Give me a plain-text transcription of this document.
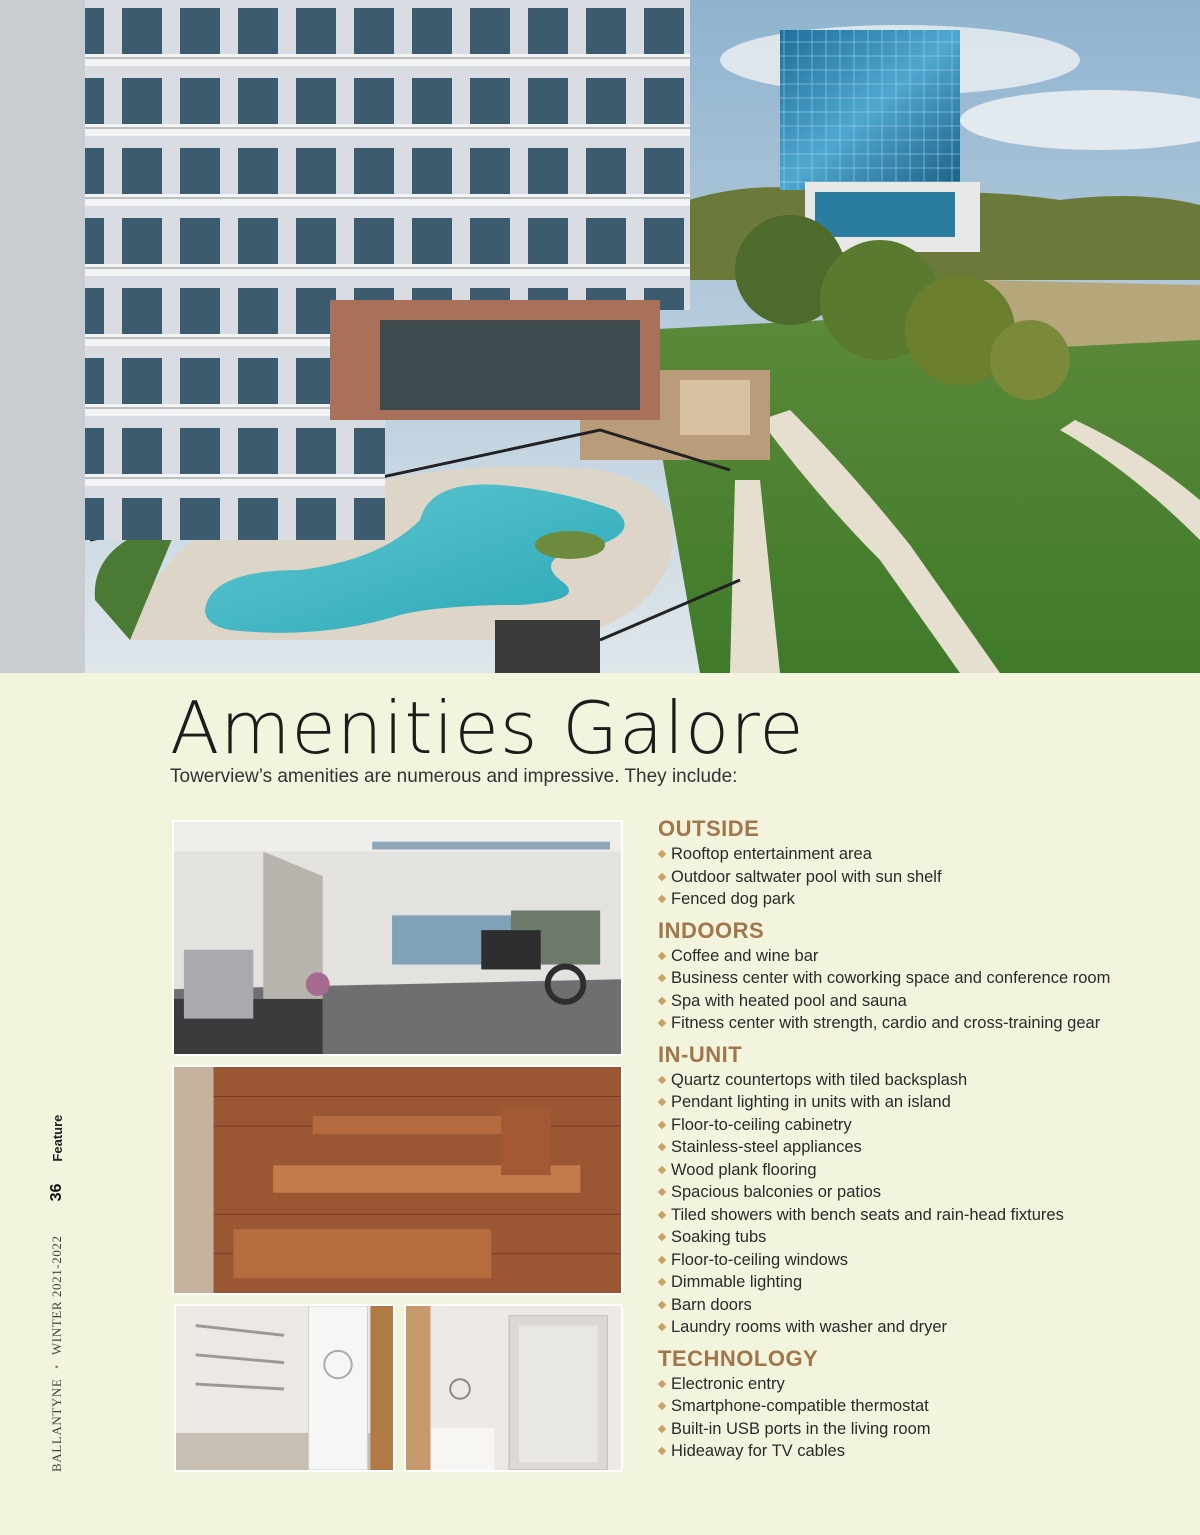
Amenities Galore
Towerview’s amenities are numerous and impressive. They include:
OUTSIDE
Rooftop entertainment area
Outdoor saltwater pool with sun shelf
Fenced dog park
INDOORS
Coffee and wine bar
Business center with coworking space and conference room
Spa with heated pool and sauna
Fitness center with strength, cardio and cross-training gear
IN-UNIT
Quartz countertops with tiled backsplash
Pendant lighting in units with an island
Floor-to-ceiling cabinetry
Stainless-steel appliances
Wood plank flooring
Spacious balconies or patios
Tiled showers with bench seats and rain-head fixtures
Soaking tubs
Floor-to-ceiling windows
Dimmable lighting
Barn doors
Laundry rooms with washer and dryer
TECHNOLOGY
Electronic entry
Smartphone-compatible thermostat
Built-in USB ports in the living room
Hideaway for TV cables
BALLANTYNE
•
WINTER 2021-2022
36
Feature
